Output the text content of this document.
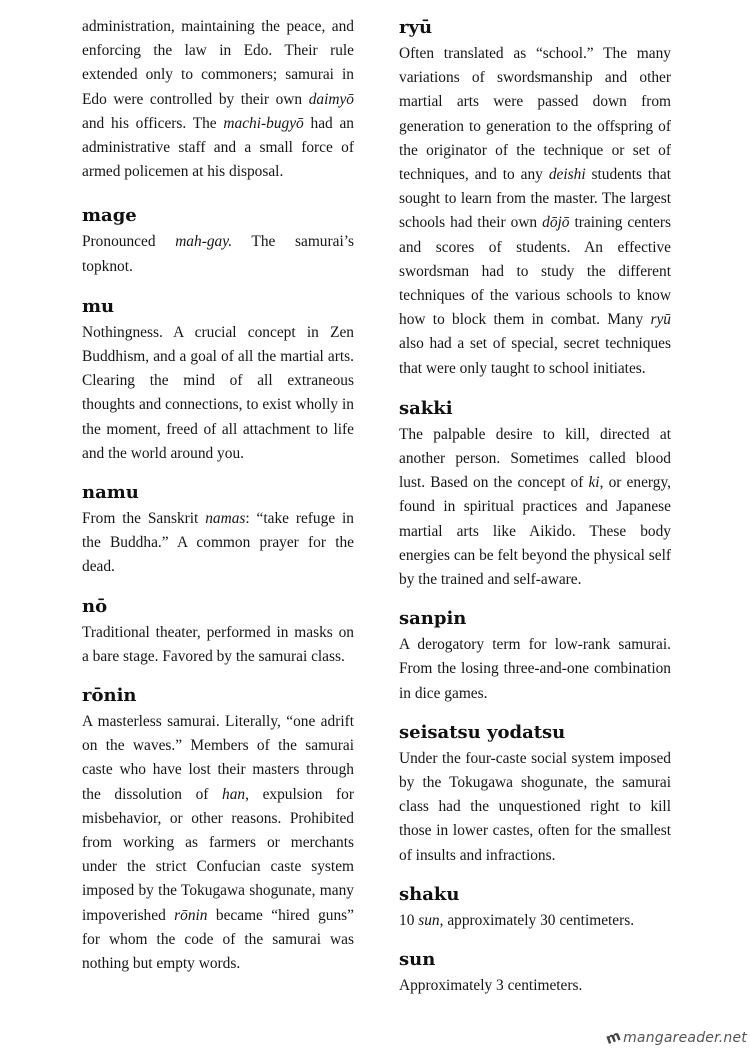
administration, maintaining the peace, and enforcing the law in Edo. Their rule extended only to commoners; samurai in Edo were controlled by their own daimyō and his officers. The machi-bugyō had an administrative staff and a small force of armed policemen at his disposal.

mage

Pronounced mah-gay. The samurai’s topknot.

mu

Nothingness. A crucial concept in Zen Buddhism, and a goal of all the martial arts. Clearing the mind of all extraneous thoughts and connections, to exist wholly in the moment, freed of all attachment to life and the world around you.

namu

From the Sanskrit namas: “take refuge in the Buddha.” A common prayer for the dead.

nō

Traditional theater, performed in masks on a bare stage. Favored by the samurai class.

rōnin

A masterless samurai. Literally, “one adrift on the waves.” Members of the samurai caste who have lost their masters through the dissolution of han, expulsion for misbehavior, or other reasons. Prohibited from working as farmers or merchants under the strict Confucian caste system imposed by the Tokugawa shogunate, many impoverished rōnin became “hired guns” for whom the code of the samurai was nothing but empty words.

ryū

Often translated as “school.” The many variations of swordsmanship and other martial arts were passed down from generation to generation to the offspring of the originator of the technique or set of techniques, and to any deishi students that sought to learn from the master. The largest schools had their own dōjō training centers and scores of students. An effective swordsman had to study the different techniques of the various schools to know how to block them in combat. Many ryū also had a set of special, secret techniques that were only taught to school initiates.

sakki

The palpable desire to kill, directed at another person. Sometimes called blood lust. Based on the concept of ki, or energy, found in spiritual practices and Japanese martial arts like Aikido. These body energies can be felt beyond the physical self by the trained and self-aware.

sanpin

A derogatory term for low-rank samurai. From the losing three-and-one combination in dice games.

seisatsu yodatsu

Under the four-caste social system imposed by the Tokugawa shogunate, the samurai class had the unquestioned right to kill those in lower castes, often for the smallest of insults and infractions.

shaku

10 sun, approximately 30 centimeters.

sun

Approximately 3 centimeters.

mmangareader.net
